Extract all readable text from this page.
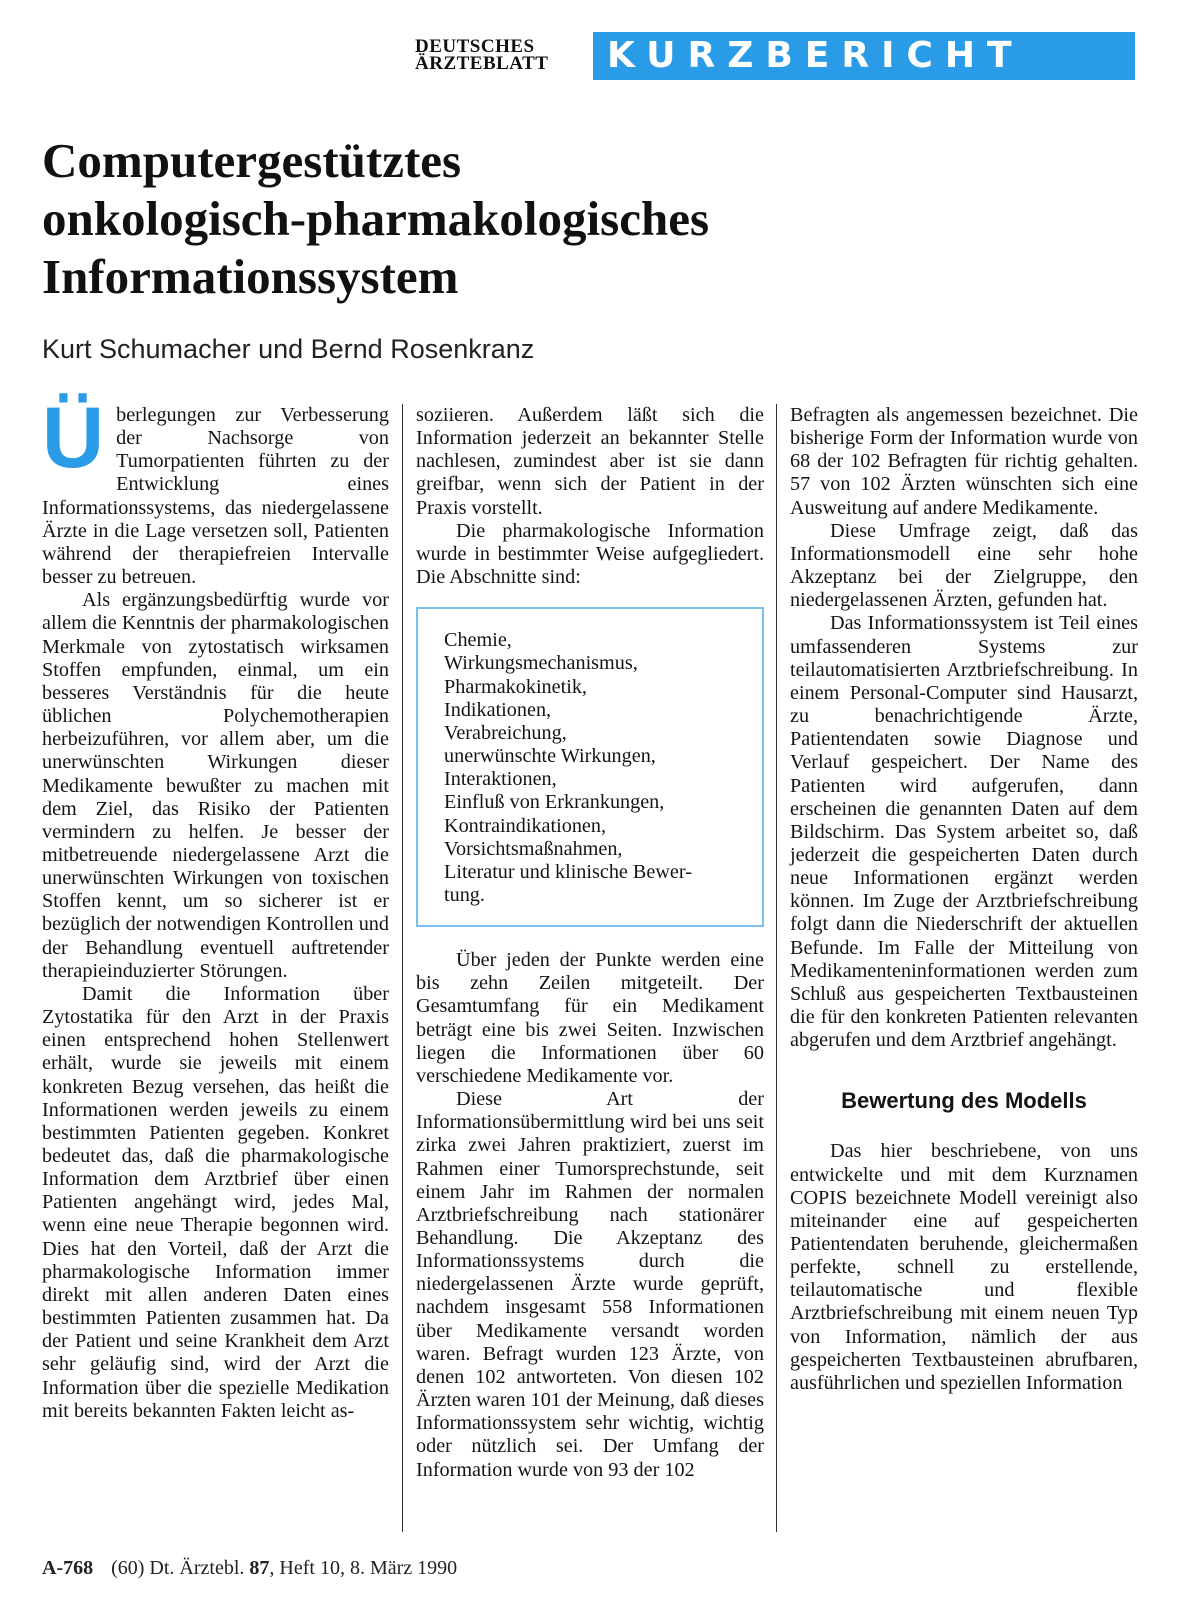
DEUTSCHES
ÄRZTEBLATT	KURZBERICHT
Computergestütztes
onkologisch-pharmakologisches
Informationssystem
Kurt Schumacher und Bernd Rosenkranz

Überlegungen zur Verbesserung der Nachsorge von Tumorpatienten führten zu der Entwicklung eines Informationssystems, das niedergelassene Ärzte in die Lage versetzen soll, Patienten während der therapiefreien Intervalle besser zu betreuen.

Als ergänzungsbedürftig wurde vor allem die Kenntnis der pharmakologischen Merkmale von zytostatisch wirksamen Stoffen empfunden, einmal, um ein besseres Verständnis für die heute üblichen Polychemotherapien herbeizuführen, vor allem aber, um die unerwünschten Wirkungen dieser Medikamente bewußter zu machen mit dem Ziel, das Risiko der Patienten vermindern zu helfen. Je besser der mitbetreuende niedergelassene Arzt die unerwünschten Wirkungen von toxischen Stoffen kennt, um so sicherer ist er bezüglich der notwendigen Kontrollen und der Behandlung eventuell auftretender therapieinduzierter Störungen.

Damit die Information über Zytostatika für den Arzt in der Praxis einen entsprechend hohen Stellenwert erhält, wurde sie jeweils mit einem konkreten Bezug versehen, das heißt die Informationen werden jeweils zu einem bestimmten Patienten gegeben. Konkret bedeutet das, daß die pharmakologische Information dem Arztbrief über einen Patienten angehängt wird, jedes Mal, wenn eine neue Therapie begonnen wird. Dies hat den Vorteil, daß der Arzt die pharmakologische Information immer direkt mit allen anderen Daten eines bestimmten Patienten zusammen hat. Da der Patient und seine Krankheit dem Arzt sehr geläufig sind, wird der Arzt die Information über die spezielle Medikation mit bereits bekannten Fakten leicht as-

soziieren. Außerdem läßt sich die Information jederzeit an bekannter Stelle nachlesen, zumindest aber ist sie dann greifbar, wenn sich der Patient in der Praxis vorstellt.

Die pharmakologische Information wurde in bestimmter Weise aufgegliedert. Die Abschnitte sind:

Chemie,
Wirkungsmechanismus,
Pharmakokinetik,
Indikationen,
Verabreichung,
unerwünschte Wirkungen,
Interaktionen,
Einfluß von Erkrankungen,
Kontraindikationen,
Vorsichtsmaßnahmen,
Literatur und klinische Bewer-
tung.

Über jeden der Punkte werden eine bis zehn Zeilen mitgeteilt. Der Gesamtumfang für ein Medikament beträgt eine bis zwei Seiten. Inzwischen liegen die Informationen über 60 verschiedene Medikamente vor.

Diese Art der Informationsübermittlung wird bei uns seit zirka zwei Jahren praktiziert, zuerst im Rahmen einer Tumorsprechstunde, seit einem Jahr im Rahmen der normalen Arztbriefschreibung nach stationärer Behandlung. Die Akzeptanz des Informationssystems durch die niedergelassenen Ärzte wurde geprüft, nachdem insgesamt 558 Informationen über Medikamente versandt worden waren. Befragt wurden 123 Ärzte, von denen 102 antworteten. Von diesen 102 Ärzten waren 101 der Meinung, daß dieses Informationssystem sehr wichtig, wichtig oder nützlich sei. Der Umfang der Information wurde von 93 der 102

Befragten als angemessen bezeichnet. Die bisherige Form der Information wurde von 68 der 102 Befragten für richtig gehalten. 57 von 102 Ärzten wünschten sich eine Ausweitung auf andere Medikamente.

Diese Umfrage zeigt, daß das Informationsmodell eine sehr hohe Akzeptanz bei der Zielgruppe, den niedergelassenen Ärzten, gefunden hat.

Das Informationssystem ist Teil eines umfassenderen Systems zur teilautomatisierten Arztbriefschreibung. In einem Personal-Computer sind Hausarzt, zu benachrichtigende Ärzte, Patientendaten sowie Diagnose und Verlauf gespeichert. Der Name des Patienten wird aufgerufen, dann erscheinen die genannten Daten auf dem Bildschirm. Das System arbeitet so, daß jederzeit die gespeicherten Daten durch neue Informationen ergänzt werden können. Im Zuge der Arztbriefschreibung folgt dann die Niederschrift der aktuellen Befunde. Im Falle der Mitteilung von Medikamenteninformationen werden zum Schluß aus gespeicherten Textbausteinen die für den konkreten Patienten relevanten abgerufen und dem Arztbrief angehängt.

Bewertung des Modells

Das hier beschriebene, von uns entwickelte und mit dem Kurznamen COPIS bezeichnete Modell vereinigt also miteinander eine auf gespeicherten Patientendaten beruhende, gleichermaßen perfekte, schnell zu erstellende, teilautomatische und flexible Arztbriefschreibung mit einem neuen Typ von Information, nämlich der aus gespeicherten Textbausteinen abrufbaren, ausführlichen und speziellen Information

A-768 (60) Dt. Ärztebl. 87, Heft 10, 8. März 1990
